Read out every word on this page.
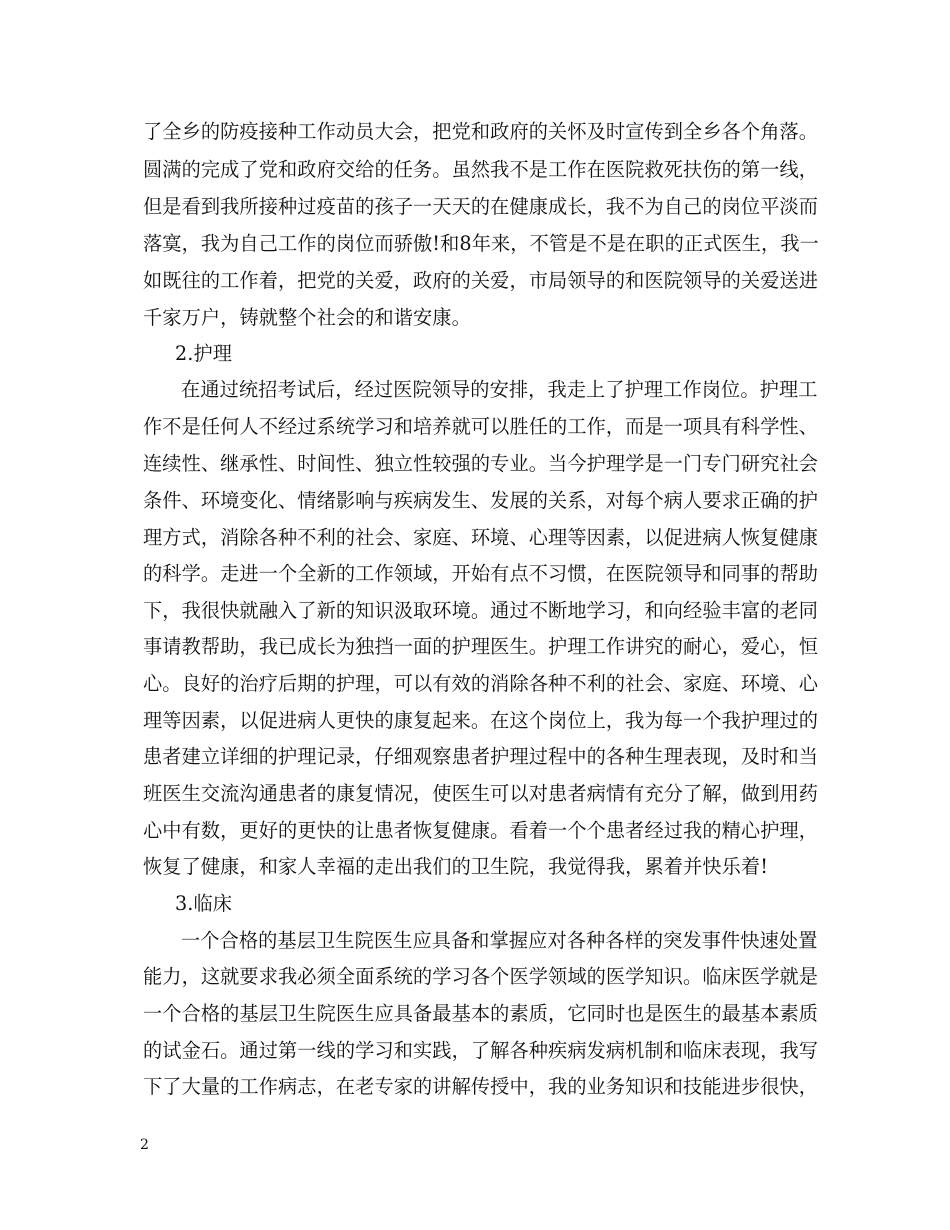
了全乡的防疫接种工作动员大会，把党和政府的关怀及时宣传到全乡各个角落。
圆满的完成了党和政府交给的任务。虽然我不是工作在医院救死扶伤的第一线，
但是看到我所接种过疫苗的孩子一天天的在健康成长，我不为自己的岗位平淡而
落寞，我为自己工作的岗位而骄傲!和8年来，不管是不是在职的正式医生，我一
如既往的工作着，把党的关爱，政府的关爱，市局领导的和医院领导的关爱送进
千家万户，铸就整个社会的和谐安康。
2.护理
在通过统招考试后，经过医院领导的安排，我走上了护理工作岗位。护理工
作不是任何人不经过系统学习和培养就可以胜任的工作，而是一项具有科学性、
连续性、继承性、时间性、独立性较强的专业。当今护理学是一门专门研究社会
条件、环境变化、情绪影响与疾病发生、发展的关系，对每个病人要求正确的护
理方式，消除各种不利的社会、家庭、环境、心理等因素，以促进病人恢复健康
的科学。走进一个全新的工作领域，开始有点不习惯，在医院领导和同事的帮助
下，我很快就融入了新的知识汲取环境。通过不断地学习，和向经验丰富的老同
事请教帮助，我已成长为独挡一面的护理医生。护理工作讲究的耐心，爱心，恒
心。良好的治疗后期的护理，可以有效的消除各种不利的社会、家庭、环境、心
理等因素，以促进病人更快的康复起来。在这个岗位上，我为每一个我护理过的
患者建立详细的护理记录，仔细观察患者护理过程中的各种生理表现，及时和当
班医生交流沟通患者的康复情况，使医生可以对患者病情有充分了解，做到用药
心中有数，更好的更快的让患者恢复健康。看着一个个患者经过我的精心护理，
恢复了健康，和家人幸福的走出我们的卫生院，我觉得我，累着并快乐着!
3.临床
一个合格的基层卫生院医生应具备和掌握应对各种各样的突发事件快速处置
能力，这就要求我必须全面系统的学习各个医学领域的医学知识。临床医学就是
一个合格的基层卫生院医生应具备最基本的素质，它同时也是医生的最基本素质
的试金石。通过第一线的学习和实践，了解各种疾病发病机制和临床表现，我写
下了大量的工作病志，在老专家的讲解传授中，我的业务知识和技能进步很快，
2
